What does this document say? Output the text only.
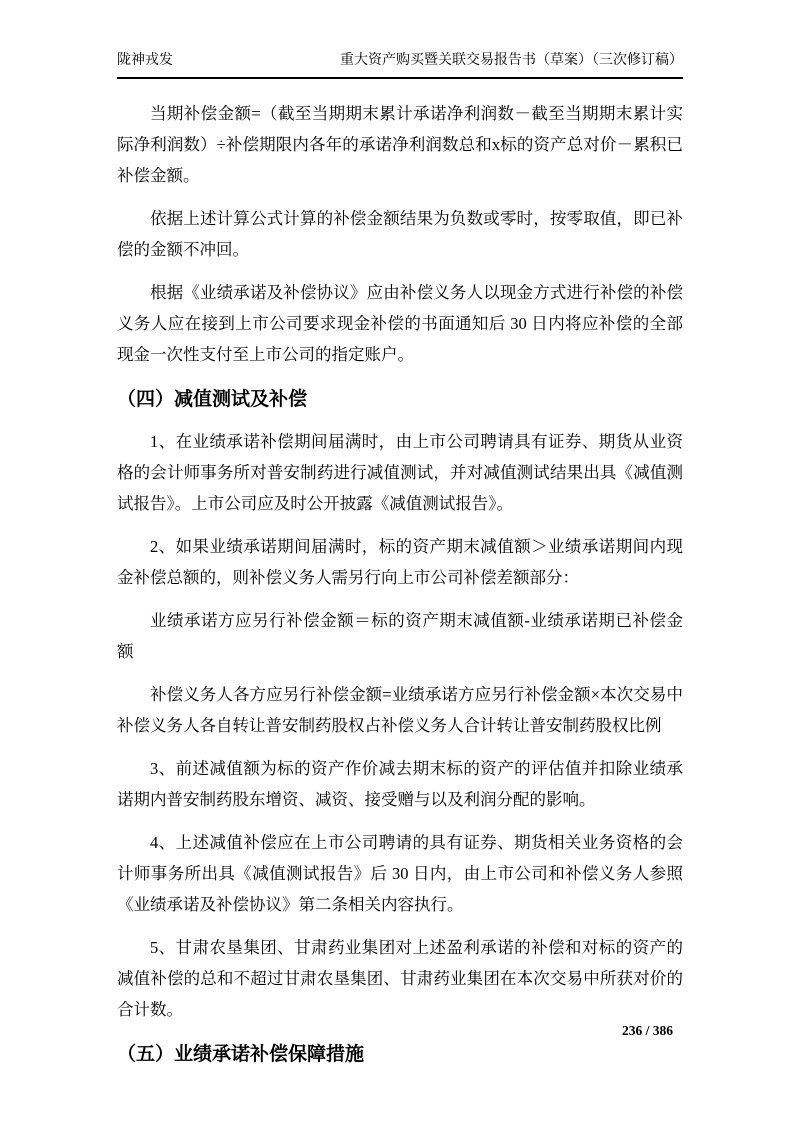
陇神戎发	重大资产购买暨关联交易报告书（草案）（三次修订稿）

当期补偿金额=（截至当期期末累计承诺净利润数－截至当期期末累计实际净利润数）÷补偿期限内各年的承诺净利润数总和x标的资产总对价－累积已补偿金额。

依据上述计算公式计算的补偿金额结果为负数或零时，按零取值，即已补偿的金额不冲回。

根据《业绩承诺及补偿协议》应由补偿义务人以现金方式进行补偿的补偿义务人应在接到上市公司要求现金补偿的书面通知后 30 日内将应补偿的全部现金一次性支付至上市公司的指定账户。

（四）减值测试及补偿

1、在业绩承诺补偿期间届满时，由上市公司聘请具有证券、期货从业资格的会计师事务所对普安制药进行减值测试，并对减值测试结果出具《减值测试报告》。上市公司应及时公开披露《减值测试报告》。

2、如果业绩承诺期间届满时，标的资产期末减值额＞业绩承诺期间内现金补偿总额的，则补偿义务人需另行向上市公司补偿差额部分：

业绩承诺方应另行补偿金额＝标的资产期末减值额-业绩承诺期已补偿金额

补偿义务人各方应另行补偿金额=业绩承诺方应另行补偿金额×本次交易中补偿义务人各自转让普安制药股权占补偿义务人合计转让普安制药股权比例

3、前述减值额为标的资产作价减去期末标的资产的评估值并扣除业绩承诺期内普安制药股东增资、减资、接受赠与以及利润分配的影响。

4、上述减值补偿应在上市公司聘请的具有证券、期货相关业务资格的会计师事务所出具《减值测试报告》后 30 日内，由上市公司和补偿义务人参照《业绩承诺及补偿协议》第二条相关内容执行。

5、甘肃农垦集团、甘肃药业集团对上述盈利承诺的补偿和对标的资产的减值补偿的总和不超过甘肃农垦集团、甘肃药业集团在本次交易中所获对价的合计数。

（五）业绩承诺补偿保障措施
236 / 386
